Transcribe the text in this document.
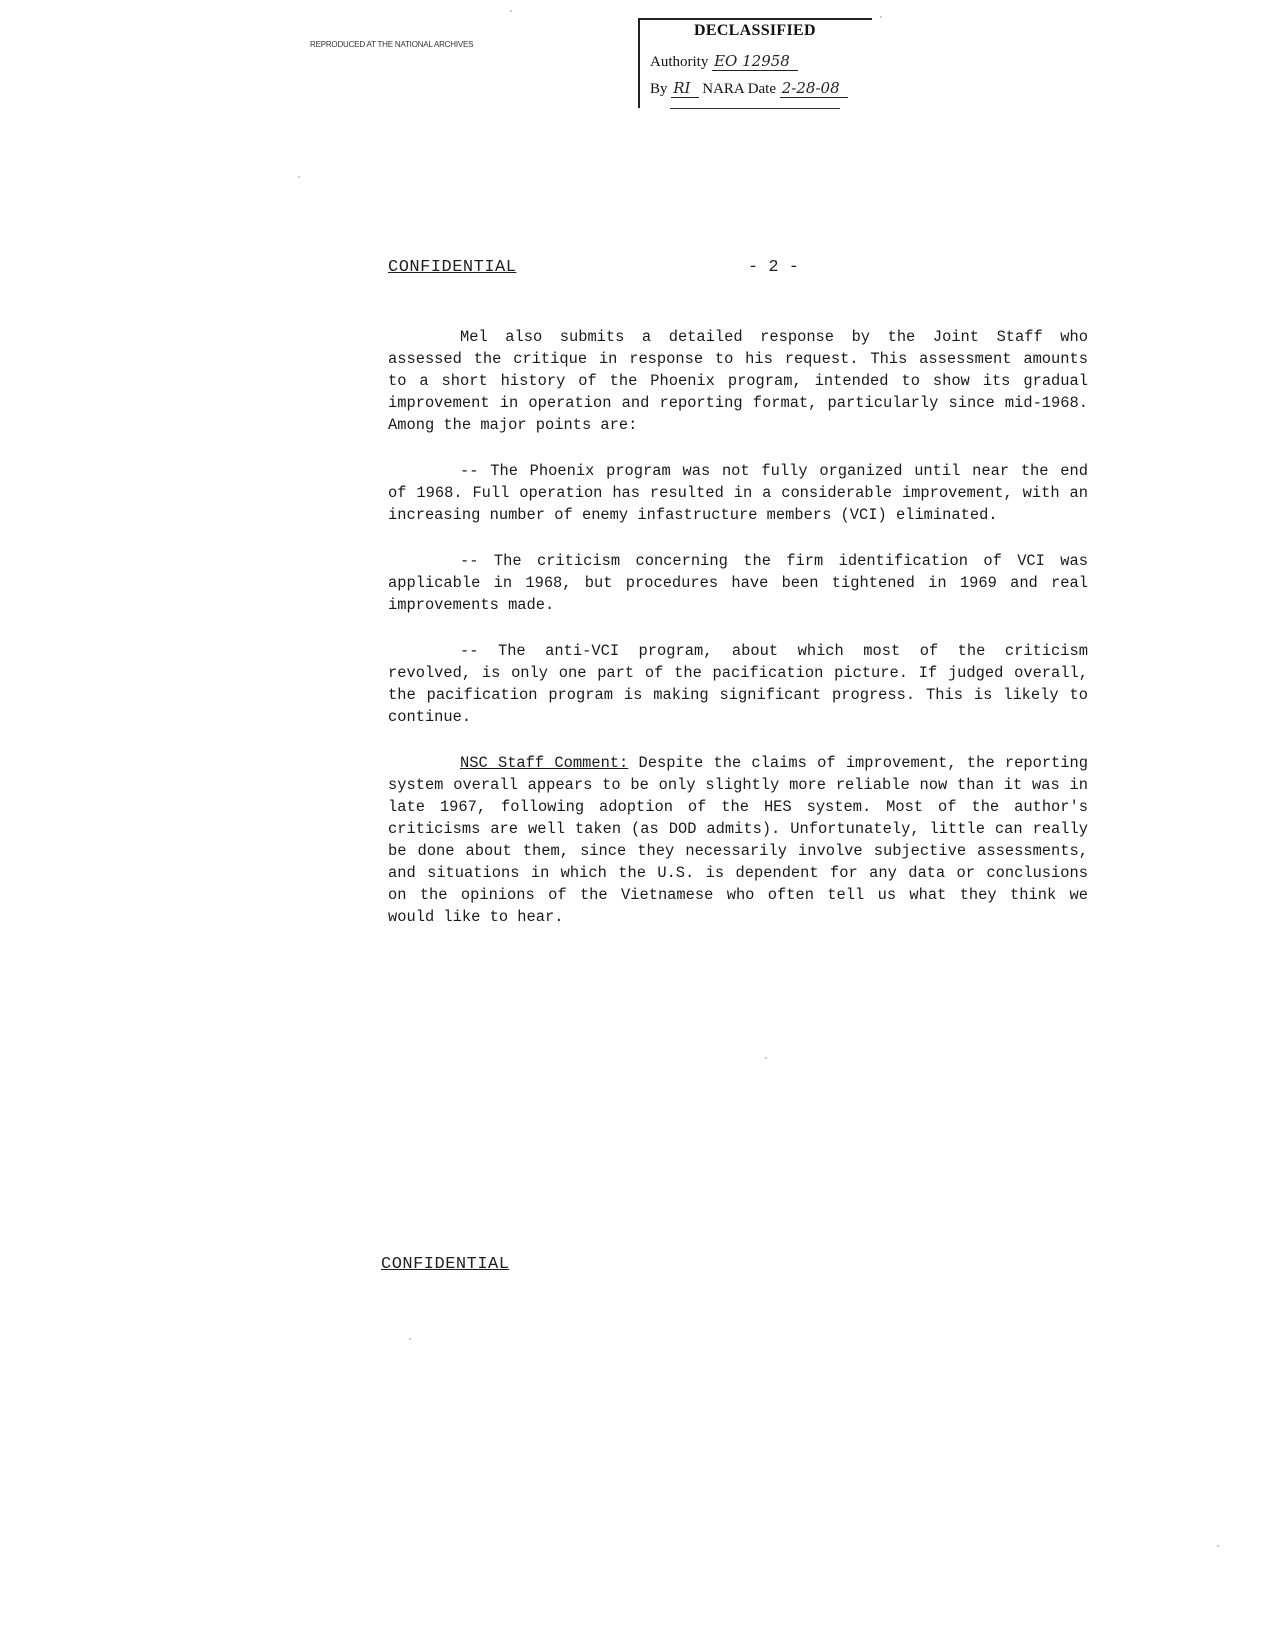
REPRODUCED AT THE NATIONAL ARCHIVES
DECLASSIFIED
Authority EO 12958
By RI NARA Date 2-28-08
CONFIDENTIAL	- 2 -

Mel also submits a detailed response by the Joint Staff who assessed the critique in response to his request. This assessment amounts to a short history of the Phoenix program, intended to show its gradual improvement in operation and reporting format, particularly since mid-1968. Among the major points are:

-- The Phoenix program was not fully organized until near the end of 1968. Full operation has resulted in a considerable improvement, with an increasing number of enemy infastructure members (VCI) eliminated.

-- The criticism concerning the firm identification of VCI was applicable in 1968, but procedures have been tightened in 1969 and real improvements made.

-- The anti-VCI program, about which most of the criticism revolved, is only one part of the pacification picture. If judged overall, the pacification program is making significant progress. This is likely to continue.

NSC Staff Comment: Despite the claims of improvement, the reporting system overall appears to be only slightly more reliable now than it was in late 1967, following adoption of the HES system. Most of the author's criticisms are well taken (as DOD admits). Unfortunately, little can really be done about them, since they necessarily involve subjective assessments, and situations in which the U.S. is dependent for any data or conclusions on the opinions of the Vietnamese who often tell us what they think we would like to hear.

CONFIDENTIAL
